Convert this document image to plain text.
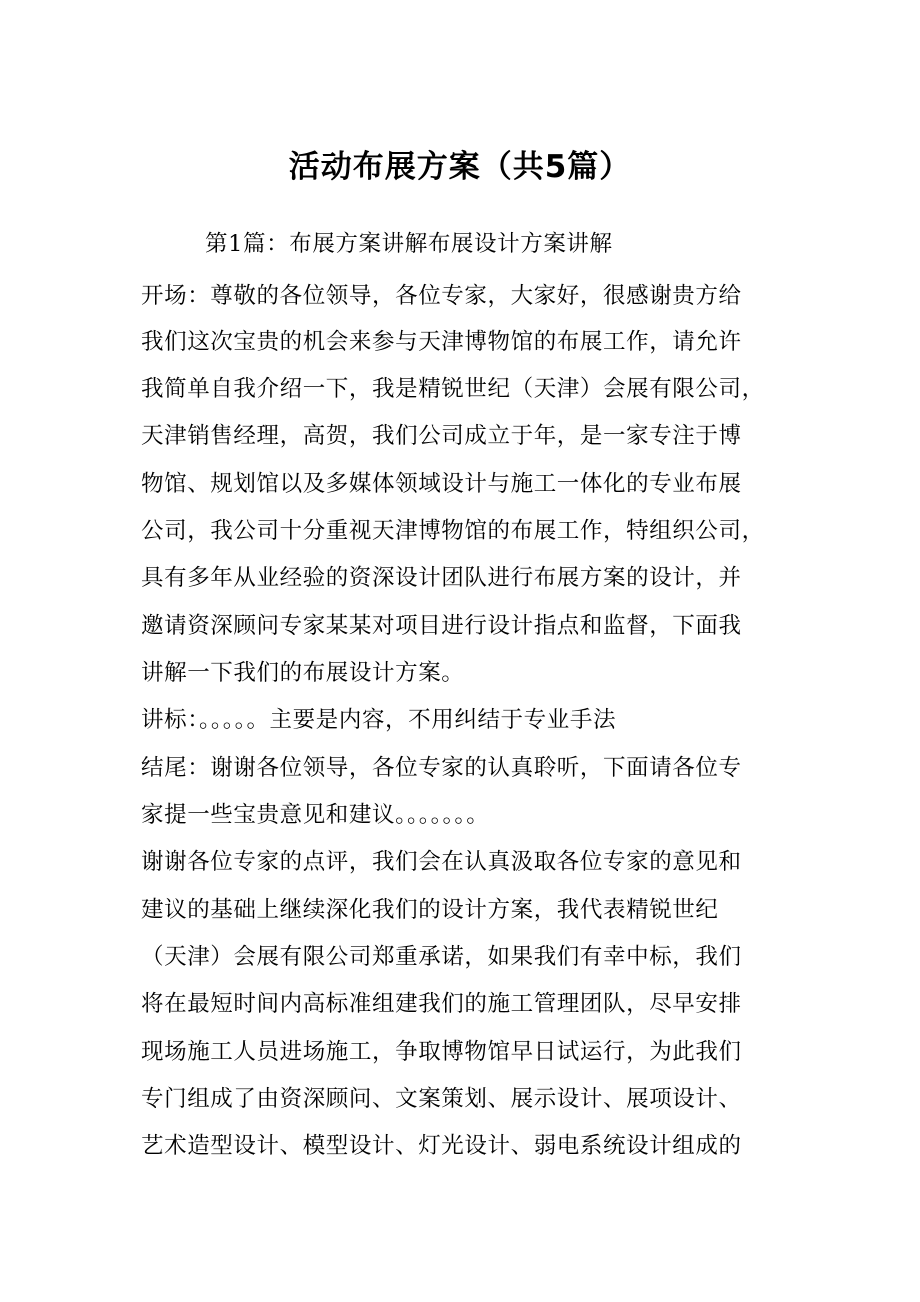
活动布展方案（共5篇）
第1篇：布展方案讲解布展设计方案讲解
开场：尊敬的各位领导，各位专家，大家好，很感谢贵方给
我们这次宝贵的机会来参与天津博物馆的布展工作，请允许
我简单自我介绍一下，我是精锐世纪（天津）会展有限公司，
天津销售经理，高贺，我们公司成立于年，是一家专注于博
物馆、规划馆以及多媒体领域设计与施工一体化的专业布展
公司，我公司十分重视天津博物馆的布展工作，特组织公司，
具有多年从业经验的资深设计团队进行布展方案的设计，并
邀请资深顾问专家某某对项目进行设计指点和监督，下面我
讲解一下我们的布展设计方案。
讲标：。。。。。主要是内容，不用纠结于专业手法
结尾：谢谢各位领导，各位专家的认真聆听，下面请各位专
家提一些宝贵意见和建议。。。。。。。
谢谢各位专家的点评，我们会在认真汲取各位专家的意见和
建议的基础上继续深化我们的设计方案，我代表精锐世纪
（天津）会展有限公司郑重承诺，如果我们有幸中标，我们
将在最短时间内高标准组建我们的施工管理团队，尽早安排
现场施工人员进场施工，争取博物馆早日试运行，为此我们
专门组成了由资深顾问、文案策划、展示设计、展项设计、
艺术造型设计、模型设计、灯光设计、弱电系统设计组成的
